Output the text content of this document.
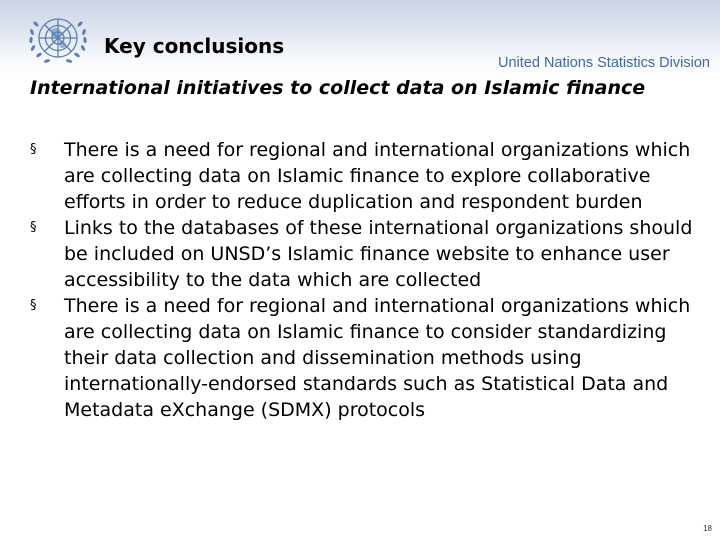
Key conclusions
United Nations Statistics Division
International initiatives to collect data on Islamic finance
§ There is a need for regional and international organizations which are collecting data on Islamic finance to explore collaborative efforts in order to reduce duplication and respondent burden
§ Links to the databases of these international organizations should be included on UNSD’s Islamic finance website to enhance user accessibility to the data which are collected
§ There is a need for regional and international organizations which are collecting data on Islamic finance to consider standardizing their data collection and dissemination methods using internationally-endorsed standards such as Statistical Data and Metadata eXchange (SDMX) protocols
18
